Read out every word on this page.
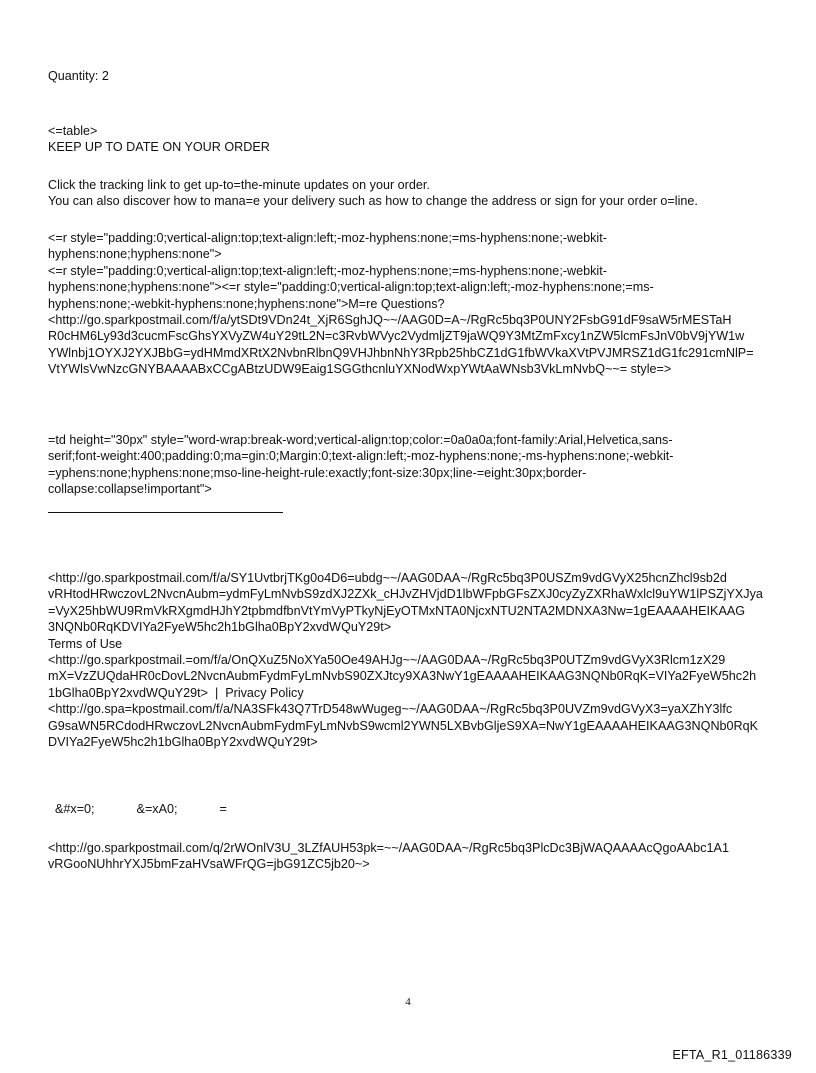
Quantity: 2
<=table>
KEEP UP TO DATE ON YOUR ORDER
Click the tracking link to get up-to=the-minute updates on your order.
You can also discover how to mana=e your delivery such as how to change the address or sign for your order o=line.
<=r style="padding:0;vertical-align:top;text-align:left;-moz-hyphens:none;=ms-hyphens:none;-webkit-
hyphens:none;hyphens:none">
<=r style="padding:0;vertical-align:top;text-align:left;-moz-hyphens:none;=ms-hyphens:none;-webkit-
hyphens:none;hyphens:none"><=r style="padding:0;vertical-align:top;text-align:left;-moz-hyphens:none;=ms-
hyphens:none;-webkit-hyphens:none;hyphens:none">M=re Questions?
<http://go.sparkpostmail.com/f/a/ytSDt9VDn24t_XjR6SghJQ~~/AAG0D=A~/RgRc5bq3P0UNY2FsbG91dF9saW5rMESTaH
R0cHM6Ly93d3cucmFscGhsYXVyZW4uY29tL2N=c3RvbWVyc2VydmljZT9jaWQ9Y3MtZmFxcy1nZW5lcmFsJnV0bV9jYW1w
YWlnbj1OYXJ2YXJBbG=ydHMmdXRtX2NvbnRlbnQ9VHJhbnNhY3Rpb25hbCZ1dG1fbWVkaXVtPVJMRSZ1dG1fc291cmNlP=
VtYWlsVwNzcGNYBAAAABxCCgABtzUDW9Eaig1SGGthcnluYXNodWxpYWtAaWNsb3VkLmNvbQ~~= style=>
=td height="30px" style="word-wrap:break-word;vertical-align:top;color:=0a0a0a;font-family:Arial,Helvetica,sans-
serif;font-weight:400;padding:0;ma=gin:0;Margin:0;text-align:left;-moz-hyphens:none;-ms-hyphens:none;-webkit-
=yphens:none;hyphens:none;mso-line-height-rule:exactly;font-size:30px;line-=eight:30px;border-
collapse:collapse!important">
<http://go.sparkpostmail.com/f/a/SY1UvtbrjTKg0o4D6=ubdg~~/AAG0DAA~/RgRc5bq3P0USZm9vdGVyX25hcnZhcl9sb2d
vRHtodHRwczovL2NvcnAubm=ydmFyLmNvbS9zdXJ2ZXk_cHJvZHVjdD1lbWFpbGFsZXJ0cyZyZXRhaWxlcl9uYW1lPSZjYXJya
=VyX25hbWU9RmVkRXgmdHJhY2tpbmdfbnVtYmVyPTkyNjEyOTMxNTA0NjcxNTU2NTA2MDNXA3Nw=1gEAAAAHEIKAAG
3NQNb0RqKDVIYa2FyeW5hc2h1bGlha0BpY2xvdWQuY29t>
Terms of Use
<http://go.sparkpostmail.=om/f/a/OnQXuZ5NoXYa50Oe49AHJg~~/AAG0DAA~/RgRc5bq3P0UTZm9vdGVyX3Rlcm1zX29
mX=VzZUQdaHR0cDovL2NvcnAubmFydmFyLmNvbS90ZXJtcy9XA3NwY1gEAAAAHEIKAAG3NQNb0RqK=VIYa2FyeW5hc2h
1bGlha0BpY2xvdWQuY29t>  |  Privacy Policy
<http://go.spa=kpostmail.com/f/a/NA3SFk43Q7TrD548wWugeg~~/AAG0DAA~/RgRc5bq3P0UVZm9vdGVyX3=yaXZhY3lfc
G9saWN5RCdodHRwczovL2NvcnAubmFydmFyLmNvbS9wcml2YWN5LXBvbGljeS9XA=NwY1gEAAAAHEIKAAG3NQNb0RqK
DVIYa2FyeW5hc2h1bGlha0BpY2xvdWQuY29t>
&#x=0;            &=xA0;            =
<http://go.sparkpostmail.com/q/2rWOnlV3U_3LZfAUH53pk=~~/AAG0DAA~/RgRc5bq3PlcDc3BjWAQAAAAcQgoAAbc1A1
vRGooNUhhrYXJ5bmFzaHVsaWFrQG=jbG91ZC5jb20~>
4
EFTA_R1_01186339
